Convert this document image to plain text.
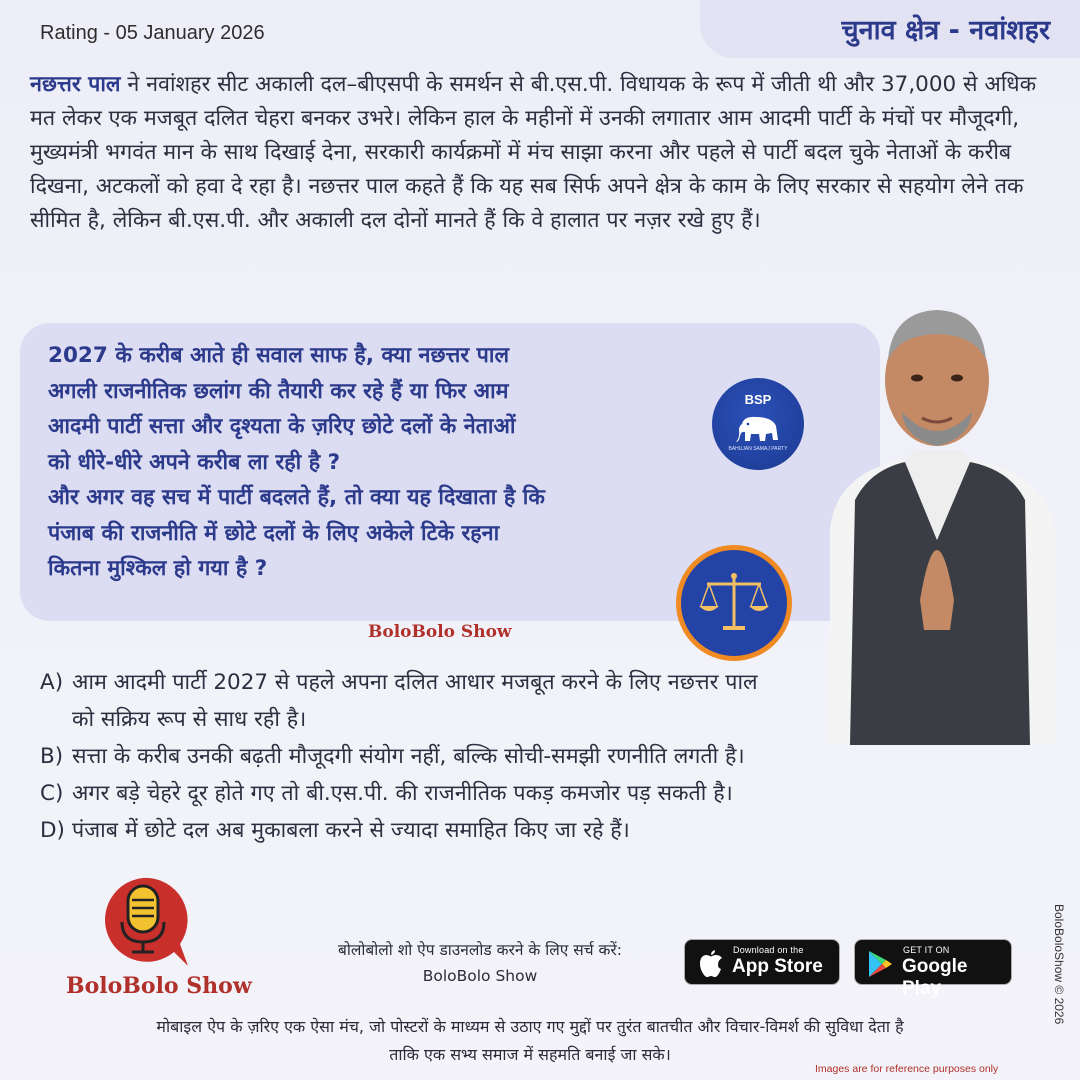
Rating - 05 January 2026	चुनाव क्षेत्र - नवांशहर
नछत्तर पाल ने नवांशहर सीट अकाली दल–बीएसपी के समर्थन से बी.एस.पी. विधायक के रूप में जीती थी और 37,000 से अधिक मत लेकर एक मजबूत दलित चेहरा बनकर उभरे। लेकिन हाल के महीनों में उनकी लगातार आम आदमी पार्टी के मंचों पर मौजूदगी, मुख्यमंत्री भगवंत मान के साथ दिखाई देना, सरकारी कार्यक्रमों में मंच साझा करना और पहले से पार्टी बदल चुके नेताओं के करीब दिखना, अटकलों को हवा दे रहा है। नछत्तर पाल कहते हैं कि यह सब सिर्फ अपने क्षेत्र के काम के लिए सरकार से सहयोग लेने तक सीमित है, लेकिन बी.एस.पी. और अकाली दल दोनों मानते हैं कि वे हालात पर नज़र रखे हुए हैं।
2027 के करीब आते ही सवाल साफ है, क्या नछत्तर पाल
अगली राजनीतिक छलांग की तैयारी कर रहे हैं या फिर आम
आदमी पार्टी सत्ता और दृश्यता के ज़रिए छोटे दलों के नेताओं
को धीरे-धीरे अपने करीब ला रही है ?
और अगर वह सच में पार्टी बदलते हैं, तो क्या यह दिखाता है कि
पंजाब की राजनीति में छोटे दलों के लिए अकेले टिके रहना
कितना मुश्किल हो गया है ?
BSP
BAHUJAN SAMAJ PARTY
BoloBolo Show
A) आम आदमी पार्टी 2027 से पहले अपना दलित आधार मजबूत करने के लिए नछत्तर पाल को सक्रिय रूप से साध रही है।
B) सत्ता के करीब उनकी बढ़ती मौजूदगी संयोग नहीं, बल्कि सोची-समझी रणनीति लगती है।
C) अगर बड़े चेहरे दूर होते गए तो बी.एस.पी. की राजनीतिक पकड़ कमजोर पड़ सकती है।
D) पंजाब में छोटे दल अब मुकाबला करने से ज्यादा समाहित किए जा रहे हैं।
BoloBolo Show
बोलोबोलो शो ऐप डाउनलोड करने के लिए सर्च करें:
BoloBolo Show
Download on the
App Store
GET IT ON
Google Play
मोबाइल ऐप के ज़रिए एक ऐसा मंच, जो पोस्टरों के माध्यम से उठाए गए मुद्दों पर तुरंत बातचीत और विचार-विमर्श की सुविधा देता है
ताकि एक सभ्य समाज में सहमति बनाई जा सके।
BoloBoloShow © 2026
Images are for reference purposes only
